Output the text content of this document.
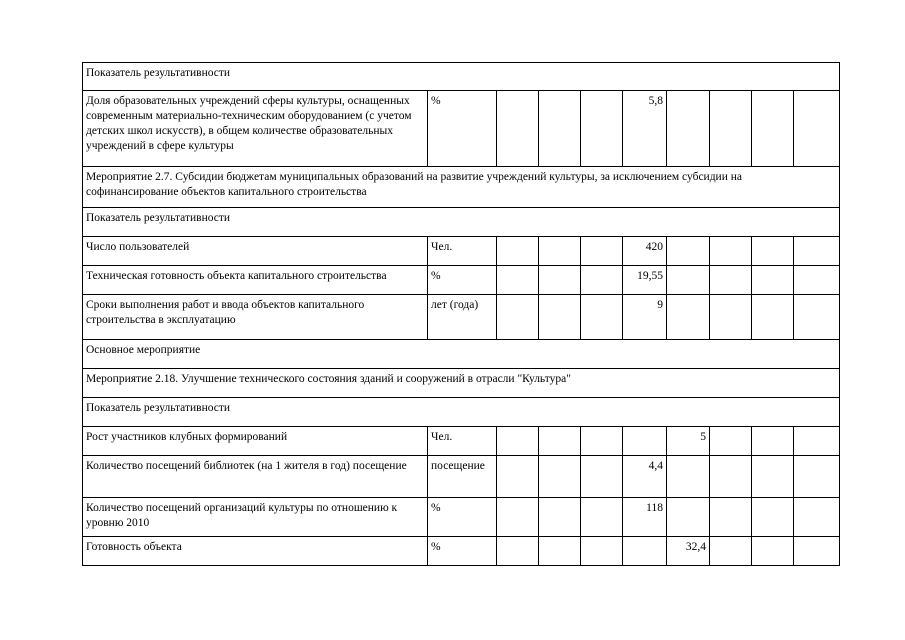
Показатель результативности									
Доля образовательных учреждений сферы культуры, оснащенных современным материально-техническим оборудованием (с учетом детских школ искусств), в общем количестве образовательных учреждений в сфере культуры	%				5,8				
Мероприятие 2.7. Субсидии бюджетам муниципальных образований на развитие учреждений культуры, за исключением субсидии на софинансирование объектов капитального строительства									
Показатель результативности									
Число пользователей	Чел.				420				
Техническая готовность объекта капитального строительства	%				19,55				
Сроки выполнения работ и ввода объектов капитального строительства в эксплуатацию	лет (года)				9				
Основное мероприятие									
Мероприятие 2.18. Улучшение технического состояния зданий и сооружений в отрасли "Культура"									
Показатель результативности									
Рост участников клубных формирований	Чел.					5			
Количество посещений библиотек (на 1 жителя в год) посещение	посещение				4,4				
Количество посещений организаций культуры по отношению к уровню 2010	%				118				
Готовность объекта	%					32,4			
